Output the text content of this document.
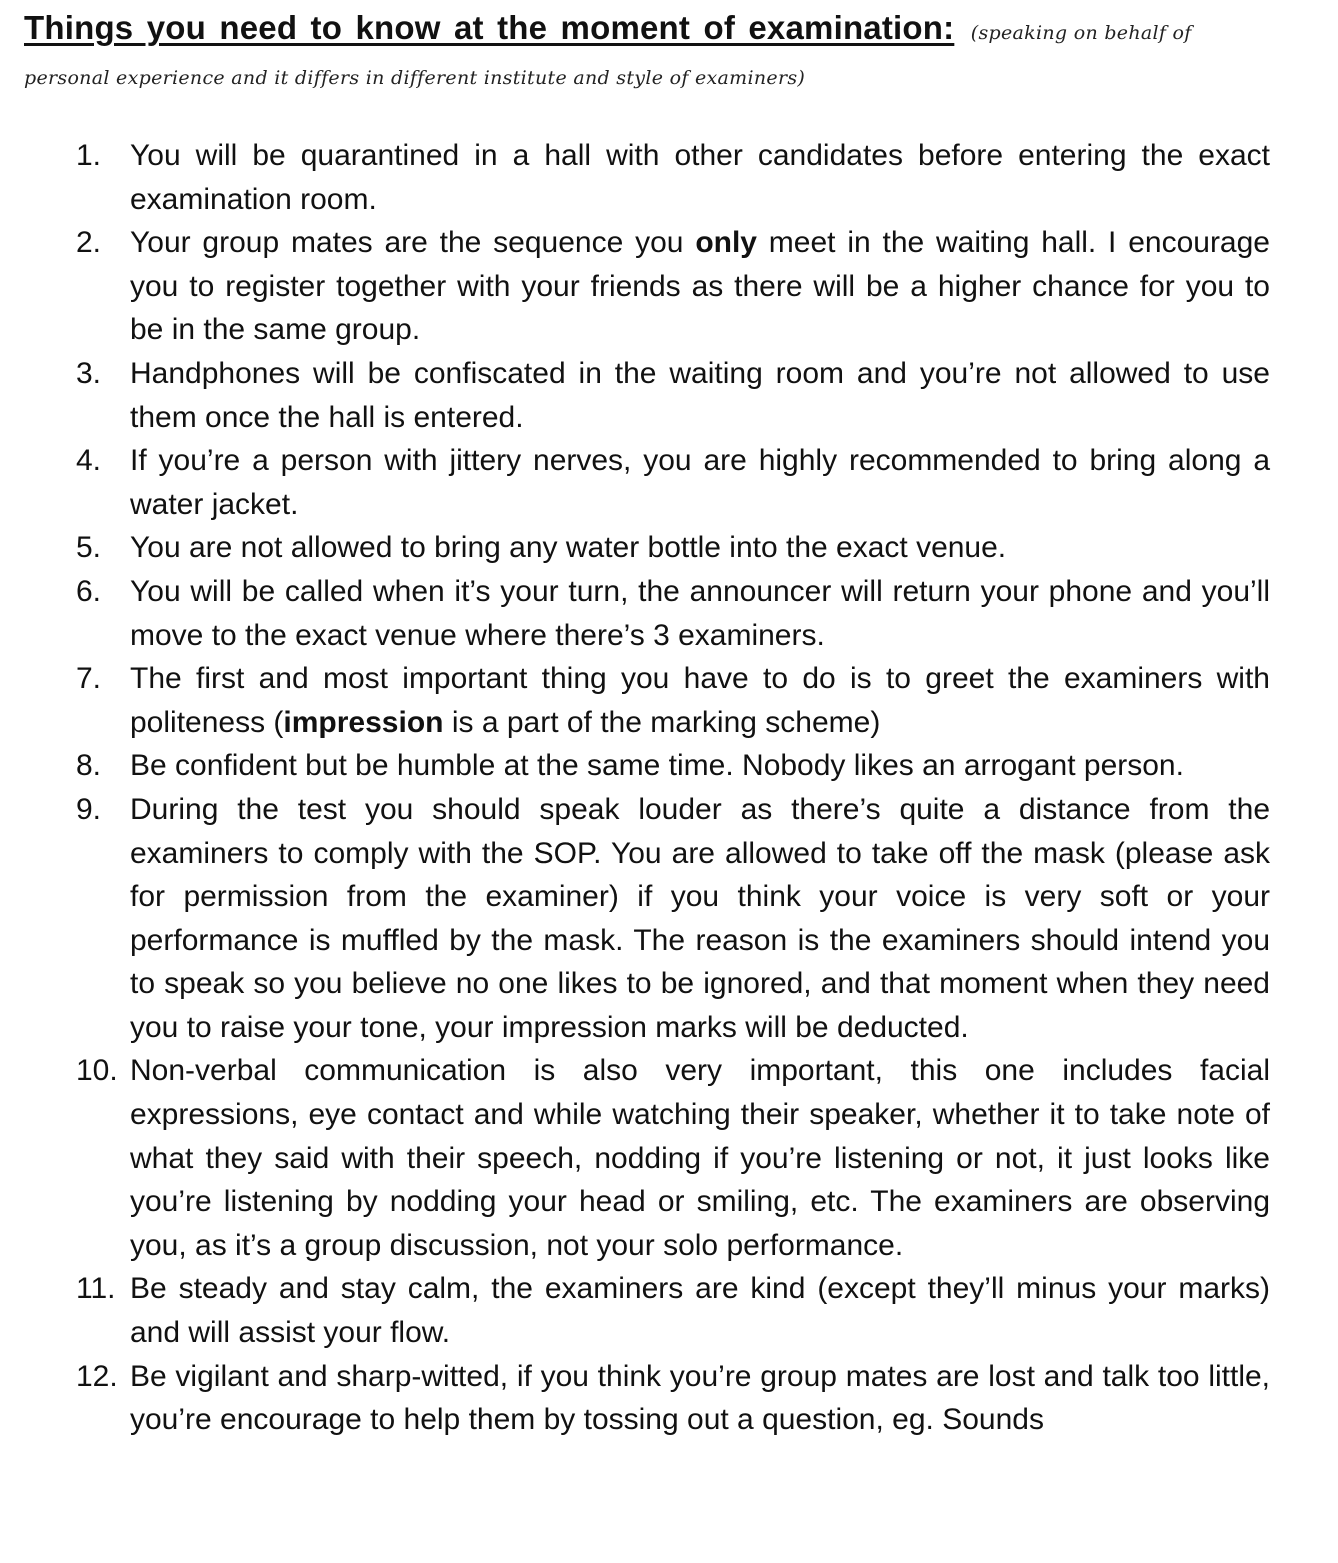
Things you need to know at the moment of examination: (speaking on behalf of
personal experience and it differs in different institute and style of examiners)
1. You will be quarantined in a hall with other candidates before entering the exact examination room.
2. Your group mates are the sequence you only meet in the waiting hall. I encourage you to register together with your friends as there will be a higher chance for you to be in the same group.
3. Handphones will be confiscated in the waiting room and you’re not allowed to use them once the hall is entered.
4. If you’re a person with jittery nerves, you are highly recommended to bring along a water jacket.
5. You are not allowed to bring any water bottle into the exact venue.
6. You will be called when it’s your turn, the announcer will return your phone and you’ll move to the exact venue where there’s 3 examiners.
7. The first and most important thing you have to do is to greet the examiners with politeness (impression is a part of the marking scheme)
8. Be confident but be humble at the same time. Nobody likes an arrogant person.
9. During the test you should speak louder as there’s quite a distance from the examiners to comply with the SOP. You are allowed to take off the mask (please ask for permission from the examiner) if you think your voice is very soft or your performance is muffled by the mask. The reason is the examiners should intend you to speak so you believe no one likes to be ignored, and that moment when they need you to raise your tone, your impression marks will be deducted.
10. Non-verbal communication is also very important, this one includes facial expressions, eye contact and while watching their speaker, whether it to take note of what they said with their speech, nodding if you’re listening or not, it just looks like you’re listening by nodding your head or smiling, etc. The examiners are observing you, as it’s a group discussion, not your solo performance.
11. Be steady and stay calm, the examiners are kind (except they’ll minus your marks) and will assist your flow.
12. Be vigilant and sharp-witted, if you think you’re group mates are lost and talk too little, you’re encourage to help them by tossing out a question, eg. Sounds
